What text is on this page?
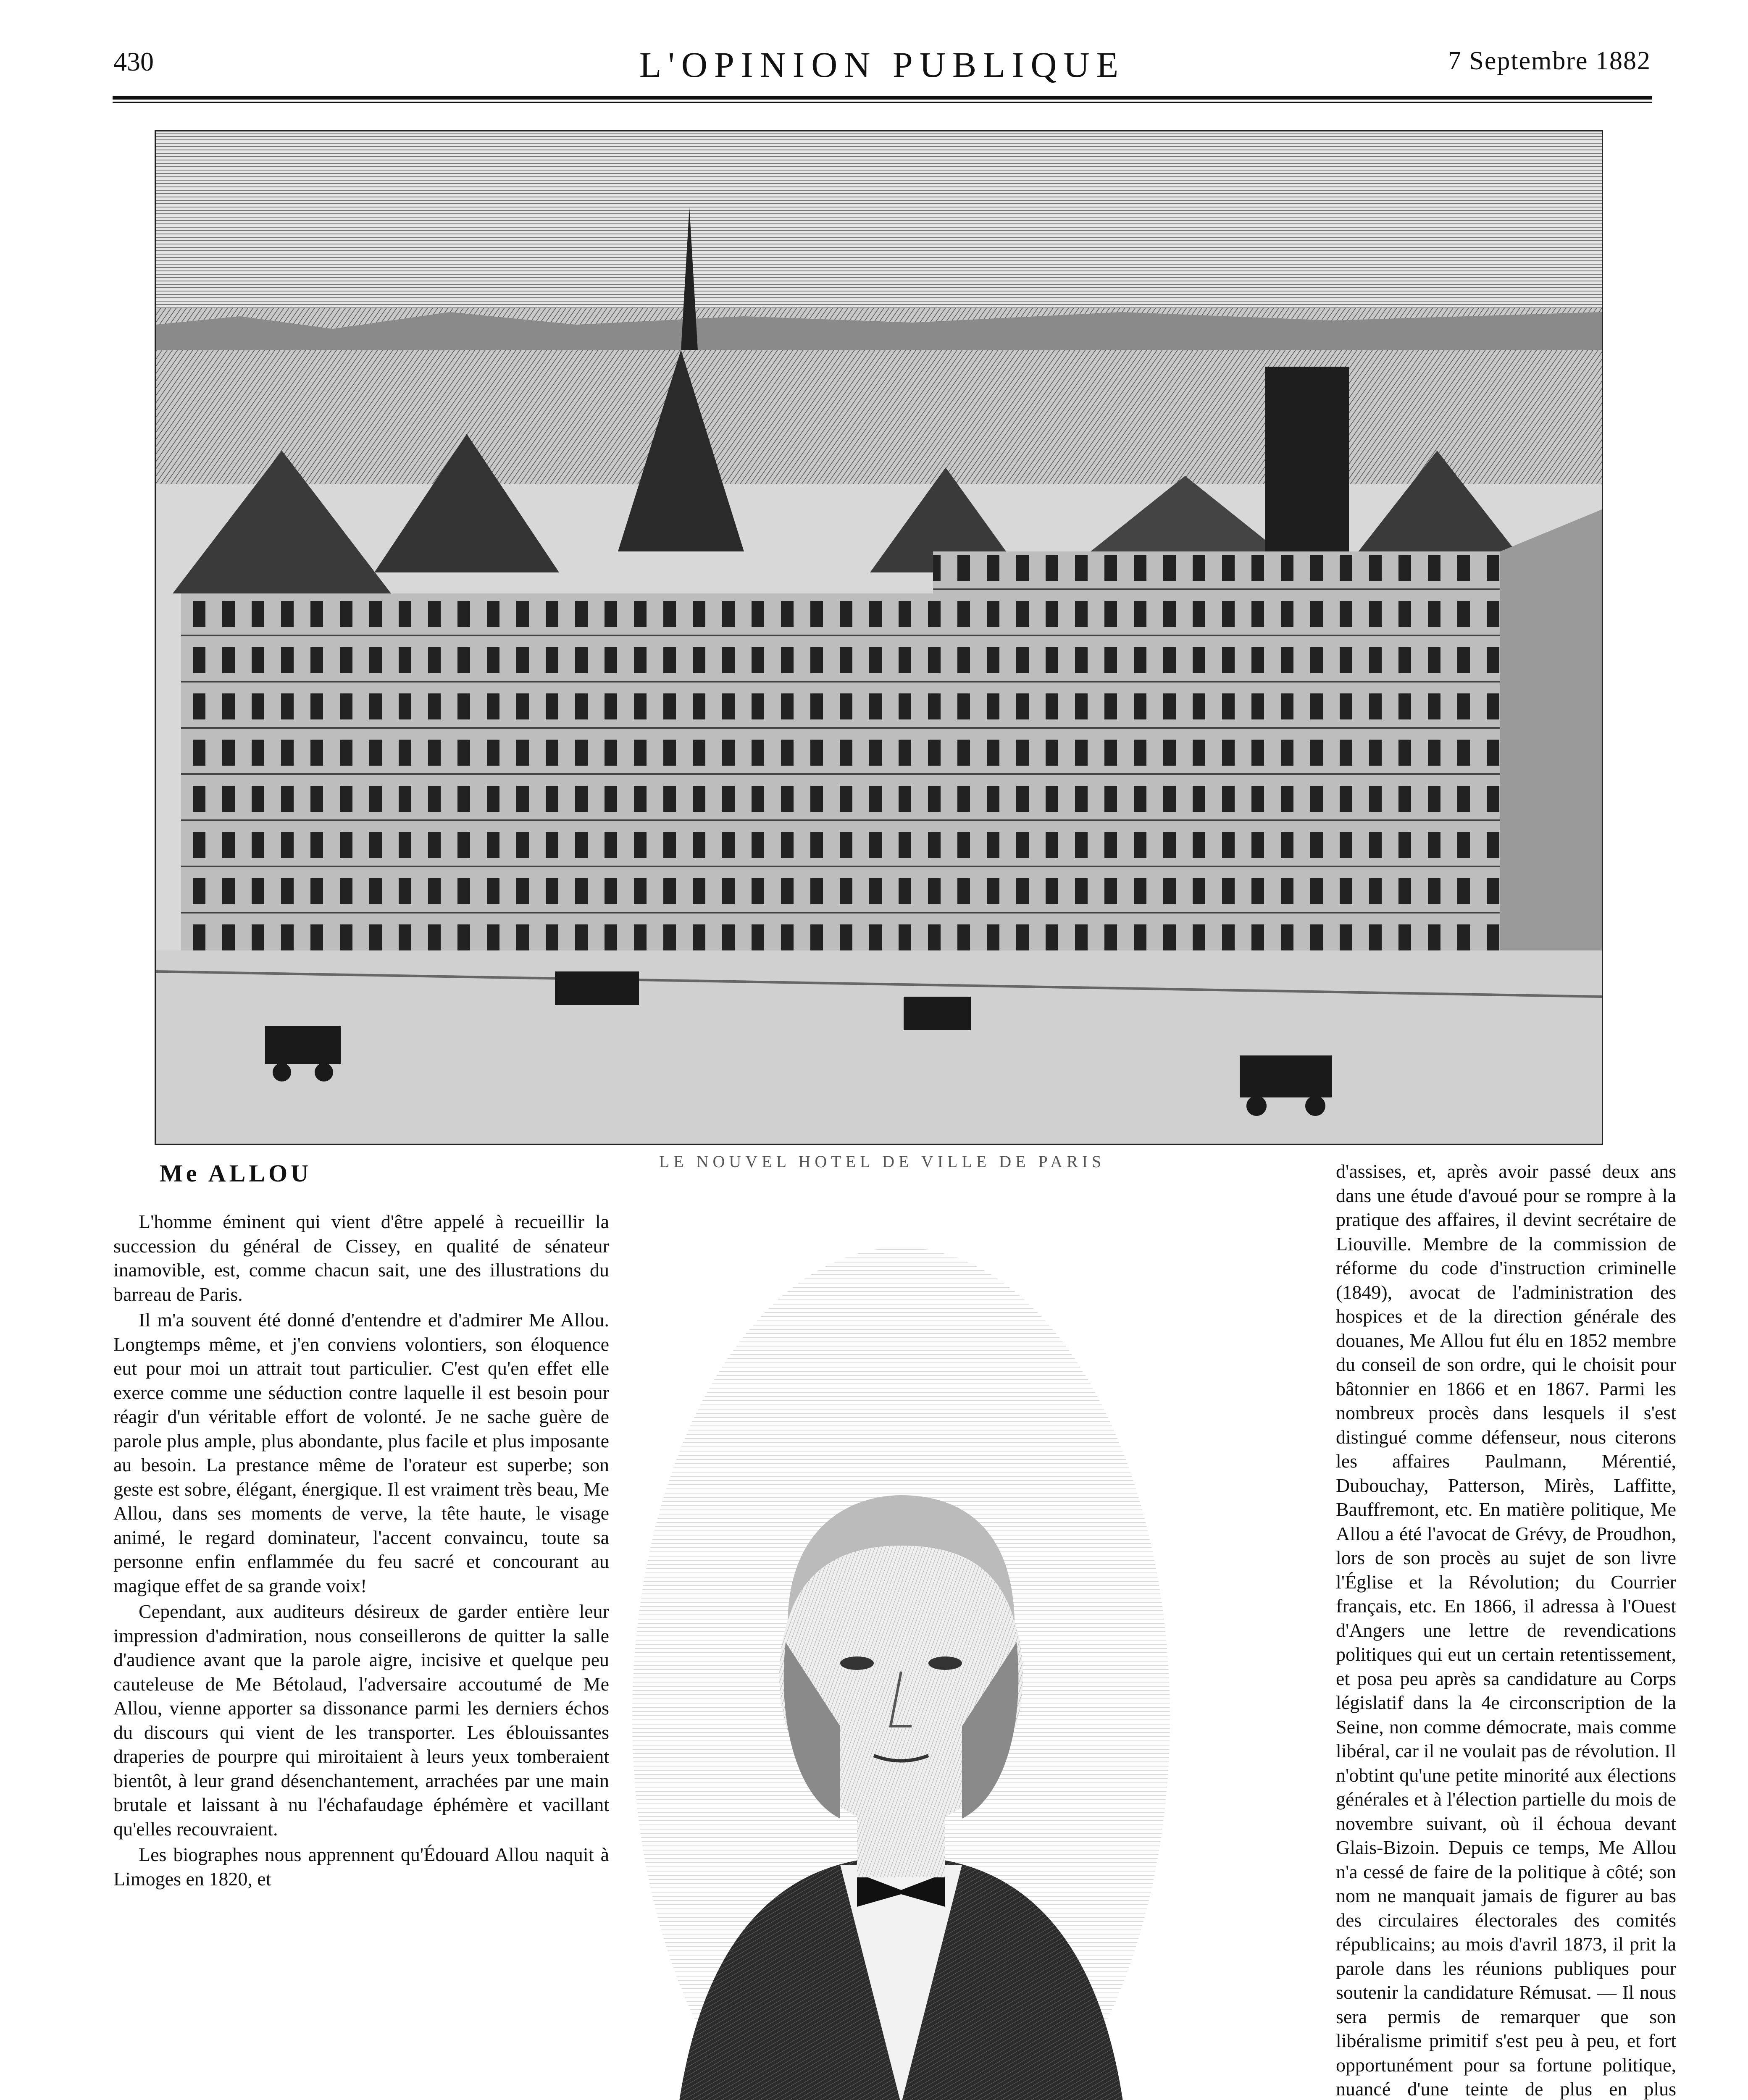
430	L'OPINION PUBLIQUE	7 Septembre 1882
LE NOUVEL HOTEL DE VILLE DE PARIS
Me ALLOU

L'homme éminent qui vient d'être appelé à recueillir la succession du général de Cissey, en qualité de sénateur inamovible, est, comme chacun sait, une des illustrations du barreau de Paris.

Il m'a souvent été donné d'entendre et d'admirer Me Allou. Longtemps même, et j'en conviens volontiers, son éloquence eut pour moi un attrait tout particulier. C'est qu'en effet elle exerce comme une séduction contre laquelle il est besoin pour réagir d'un véritable effort de volonté. Je ne sache guère de parole plus ample, plus abondante, plus facile et plus imposante au besoin. La prestance même de l'orateur est superbe; son geste est sobre, élégant, énergique. Il est vraiment très beau, Me Allou, dans ses moments de verve, la tête haute, le visage animé, le regard dominateur, l'accent convaincu, toute sa personne enfin enflammée du feu sacré et concourant au magique effet de sa grande voix!

Cependant, aux auditeurs désireux de garder entière leur impression d'admiration, nous conseillerons de quitter la salle d'audience avant que la parole aigre, incisive et quelque peu cauteleuse de Me Bétolaud, l'adversaire accoutumé de Me Allou, vienne apporter sa dissonance parmi les derniers échos du discours qui vient de les transporter. Les éblouissantes draperies de pourpre qui miroitaient à leurs yeux tomberaient bientôt, à leur grand désenchantement, arrachées par une main brutale et laissant à nu l'échafaudage éphémère et vacillant qu'elles recouvraient.

Les biographes nous apprennent qu'Édouard Allou naquit à Limoges en 1820, et

d'assises, et, après avoir passé deux ans dans une étude d'avoué pour se rompre à la pratique des affaires, il devint secrétaire de Liouville. Membre de la commission de réforme du code d'instruction criminelle (1849), avocat de l'administration des hospices et de la direction générale des douanes, Me Allou fut élu en 1852 membre du conseil de son ordre, qui le choisit pour bâtonnier en 1866 et en 1867. Parmi les nombreux procès dans lesquels il s'est distingué comme défenseur, nous citerons les affaires Paulmann, Mérentié, Dubouchay, Patterson, Mirès, Laffitte, Bauffremont, etc. En matière politique, Me Allou a été l'avocat de Grévy, de Proudhon, lors de son procès au sujet de son livre l'Église et la Révolution; du Courrier français, etc. En 1866, il adressa à l'Ouest d'Angers une lettre de revendications politiques qui eut un certain retentissement, et posa peu après sa candidature au Corps législatif dans la 4e circonscription de la Seine, non comme démocrate, mais comme libéral, car il ne voulait pas de révolution. Il n'obtint qu'une petite minorité aux élections générales et à l'élection partielle du mois de novembre suivant, où il échoua devant Glais-Bizoin. Depuis ce temps, Me Allou n'a cessé de faire de la politique à côté; son nom ne manquait jamais de figurer au bas des circulaires électorales des comités républicains; au mois d'avril 1873, il prit la parole dans les réunions publiques pour soutenir la candidature Rémusat. — Il nous sera permis de remarquer que son libéralisme primitif s'est peu à peu, et fort opportunément pour sa fortune politique, nuancé d'une teinte de plus en plus
